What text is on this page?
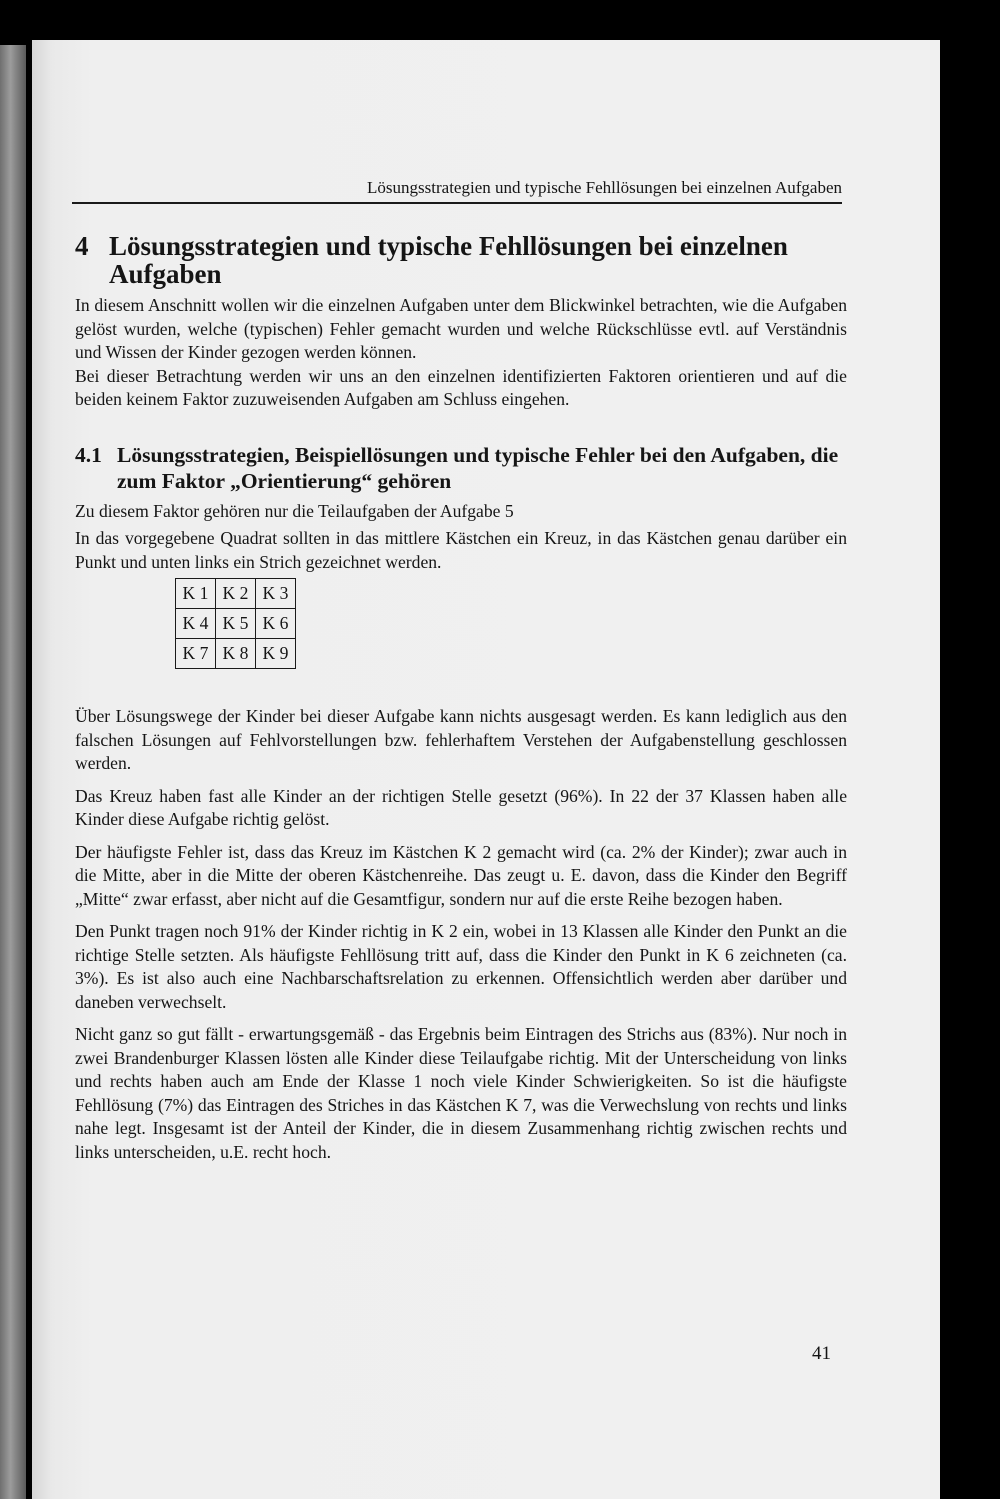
Lösungsstrategien und typische Fehllösungen bei einzelnen Aufgaben
4 Lösungsstrategien und typische Fehllösungen bei einzelnen Aufgaben

In diesem Anschnitt wollen wir die einzelnen Aufgaben unter dem Blickwinkel betrachten, wie die Aufgaben gelöst wurden, welche (typischen) Fehler gemacht wurden und welche Rückschlüsse evtl. auf Verständnis und Wissen der Kinder gezogen werden können.

Bei dieser Betrachtung werden wir uns an den einzelnen identifizierten Faktoren orientieren und auf die beiden keinem Faktor zuzuweisenden Aufgaben am Schluss eingehen.

4.1 Lösungsstrategien, Beispiellösungen und typische Fehler bei den Aufgaben, die zum Faktor „Orientierung“ gehören

Zu diesem Faktor gehören nur die Teilaufgaben der Aufgabe 5

In das vorgegebene Quadrat sollten in das mittlere Kästchen ein Kreuz, in das Kästchen genau darüber ein Punkt und unten links ein Strich gezeichnet werden.

K 1	K 2	K 3
K 4	K 5	K 6
K 7	K 8	K 9

Über Lösungswege der Kinder bei dieser Aufgabe kann nichts ausgesagt werden. Es kann lediglich aus den falschen Lösungen auf Fehlvorstellungen bzw. fehlerhaftem Verstehen der Aufgabenstellung geschlossen werden.

Das Kreuz haben fast alle Kinder an der richtigen Stelle gesetzt (96%). In 22 der 37 Klassen haben alle Kinder diese Aufgabe richtig gelöst.

Der häufigste Fehler ist, dass das Kreuz im Kästchen K 2 gemacht wird (ca. 2% der Kinder); zwar auch in die Mitte, aber in die Mitte der oberen Kästchenreihe. Das zeugt u. E. davon, dass die Kinder den Begriff „Mitte“ zwar erfasst, aber nicht auf die Gesamtfigur, sondern nur auf die erste Reihe bezogen haben.

Den Punkt tragen noch 91% der Kinder richtig in K 2 ein, wobei in 13 Klassen alle Kinder den Punkt an die richtige Stelle setzten. Als häufigste Fehllösung tritt auf, dass die Kinder den Punkt in K 6 zeichneten (ca. 3%). Es ist also auch eine Nachbarschaftsrelation zu erkennen. Offensichtlich werden aber darüber und daneben verwechselt.

Nicht ganz so gut fällt - erwartungsgemäß - das Ergebnis beim Eintragen des Strichs aus (83%). Nur noch in zwei Brandenburger Klassen lösten alle Kinder diese Teilaufgabe richtig. Mit der Unterscheidung von links und rechts haben auch am Ende der Klasse 1 noch viele Kinder Schwierigkeiten. So ist die häufigste Fehllösung (7%) das Eintragen des Striches in das Kästchen K 7, was die Verwechslung von rechts und links nahe legt. Insgesamt ist der Anteil der Kinder, die in diesem Zusammenhang richtig zwischen rechts und links unterscheiden, u.E. recht hoch.

41
